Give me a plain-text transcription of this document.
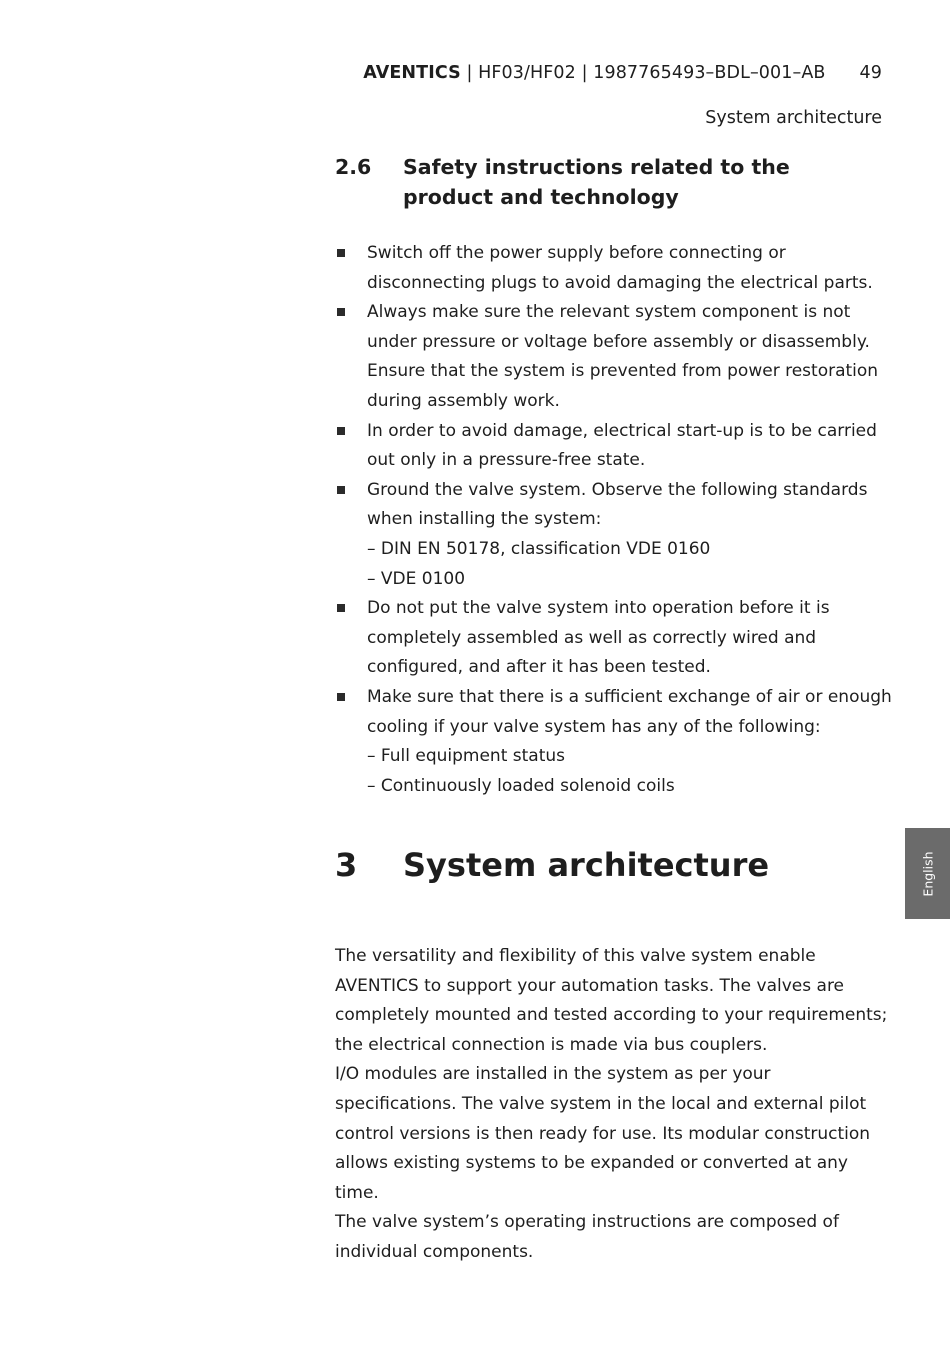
AVENTICS | HF03/HF02 | 1987765493–BDL–001–AB 49
System architecture
2.6 Safety instructions related to the product and technology
Switch off the power supply before connecting or disconnecting plugs to avoid damaging the electrical parts.
Always make sure the relevant system component is not under pressure or voltage before assembly or disassembly. Ensure that the system is prevented from power restoration during assembly work.
In order to avoid damage, electrical start-up is to be carried out only in a pressure-free state.
Ground the valve system. Observe the following standards when installing the system:
– DIN EN 50178, classification VDE 0160
– VDE 0100
Do not put the valve system into operation before it is completely assembled as well as correctly wired and configured, and after it has been tested.
Make sure that there is a sufficient exchange of air or enough cooling if your valve system has any of the following:
– Full equipment status
– Continuously loaded solenoid coils
3 System architecture

The versatility and flexibility of this valve system enable AVENTICS to support your automation tasks. The valves are completely mounted and tested according to your requirements; the electrical connection is made via bus couplers.

I/O modules are installed in the system as per your specifications. The valve system in the local and external pilot control versions is then ready for use. Its modular construction allows existing systems to be expanded or converted at any time.

The valve system’s operating instructions are composed of individual components.

English
